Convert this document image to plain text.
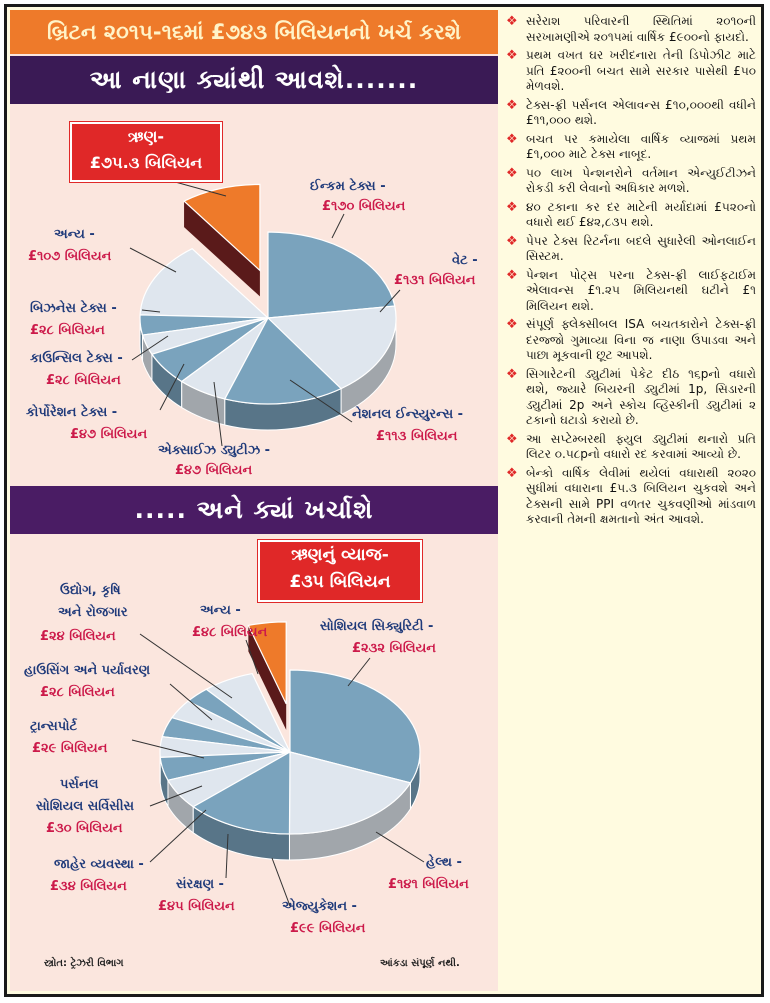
બ્રિટન ૨૦૧૫-૧૬માં £૭૪૩ બિલિયનનો ખર્ચ કરશે
આ નાણા ક્યાંથી આવશે.......
..... અને ક્યાં ખર્ચાશે
ઈન્કમ ટેક્સ -
£૧૭૦ બિલિયન
વેટ -
£૧૩૧ બિલિયન
નેશનલ ઈન્સ્યુરન્સ -
£૧૧૩ બિલિયન
એક્સાઈઝ ડ્યુટીઝ -
£૪૭ બિલિયન
કોર્પોરેશન ટેક્સ -
£૪૭ બિલિયન
કાઉન્સિલ ટેક્સ -
£૨૮ બિલિયન
બિઝનેસ ટેક્સ -
£૨૮ બિલિયન
અન્ય -
£૧૦૭ બિલિયન
સોશિયલ સિક્યુરિટી -
£૨૩૨ બિલિયન
હેલ્થ -
£૧૪૧ બિલિયન
એજ્યુકેશન -
£૯૯ બિલિયન
સંરક્ષણ -
£૪૫ બિલિયન
જાહેર વ્યવસ્થા -
£૩૪ બિલિયન
પર્સનલ
સોશિયલ સર્વિસીસ
£૩૦ બિલિયન
ટ્રાન્સપોર્ટ
£૨૯ બિલિયન
હાઉસિંગ અને પર્યાવરણ
£૨૮ બિલિયન
ઉદ્યોગ, કૃષિ
અને રોજગાર
£૨૪ બિલિયન
અન્ય -
£૪૮ બિલિયન
ઋણ-
£૭૫.૩ બિલિયન
ઋણનું વ્યાજ-
£૩૫ બિલિયન
સ્ત્રોત: ટ્રેઝરી વિભાગ	આંકડા સંપૂર્ણ નથી.
❖ સરેરાશ પરિવારની સ્થિતિમાં ૨૦૧૦ની સરખામણીએ ૨૦૧૫માં વાર્ષિક £૯૦૦નો ફાયદો.
❖ પ્રથમ વખત ઘર ખરીદનારા તેની ડિપોઝીટ માટે પ્રતિ £૨૦૦ની બચત સામે સરકાર પાસેથી £૫૦ મેળવશે.
❖ ટેક્સ-ફ્રી પર્સનલ એલાવન્સ £૧૦,૦૦૦થી વધીને £૧૧,૦૦૦ થશે.
❖ બચત પર કમાયેલા વાર્ષિક વ્યાજમાં પ્રથમ £૧,૦૦૦ માટે ટેક્સ નાબૂદ.
❖ ૫૦ લાખ પેન્શનરોને વર્તમાન એન્યુઈટીઝને રોકડી કરી લેવાનો અધિકાર મળશે.
❖ ૪૦ ટકાના કર દર માટેની મર્યાદામાં £૫૨૦નો વધારો થઈ £૪૨,૮૩૫ થશે.
❖ પેપર ટેક્સ રિટર્નના બદલે સુધારેલી ઓનલાઈન સિસ્ટમ.
❖ પેન્શન પોટ્સ પરના ટેક્સ-ફ્રી લાઈફટાઈમ એલાવન્સ £૧.૨૫ મિલિયનથી ઘટીને £૧ મિલિયન થશે.
❖ સંપૂર્ણ ફ્લેક્સીબલ ISA બચતકારોને ટેક્સ-ફ્રી દરજ્જો ગુમાવ્યા વિના જ નાણા ઉપાડવા અને પાછા મૂકવાની છૂટ આપશે.
❖ સિગારેટની ડ્યુટીમાં પેકેટ દીઠ ૧૬pનો વધારો થશે, જ્યારે બિયરની ડ્યુટીમાં 1p, સિડારની ડ્યુટીમાં 2p અને સ્કોચ વ્હિસ્કીની ડ્યુટીમાં ૨ ટકાનો ઘટાડો કરાયો છે.
❖ આ સપ્ટેમ્બરથી ફ્યુલ ડ્યુટીમાં થનારો પ્રતિ લિટર ૦.૫૮pનો વધારો રદ કરવામાં આવ્યો છે.
❖ બેન્કો વાર્ષિક લેવીમાં થયેલાં વધારાથી ૨૦૨૦ સુધીમાં વધારાના £૫.૩ બિલિયન ચુકવશે અને ટેક્સની સામે PPI વળતર ચુકવણીઓ માંડવાળ કરવાની તેમની ક્ષમતાનો અંત આવશે.
